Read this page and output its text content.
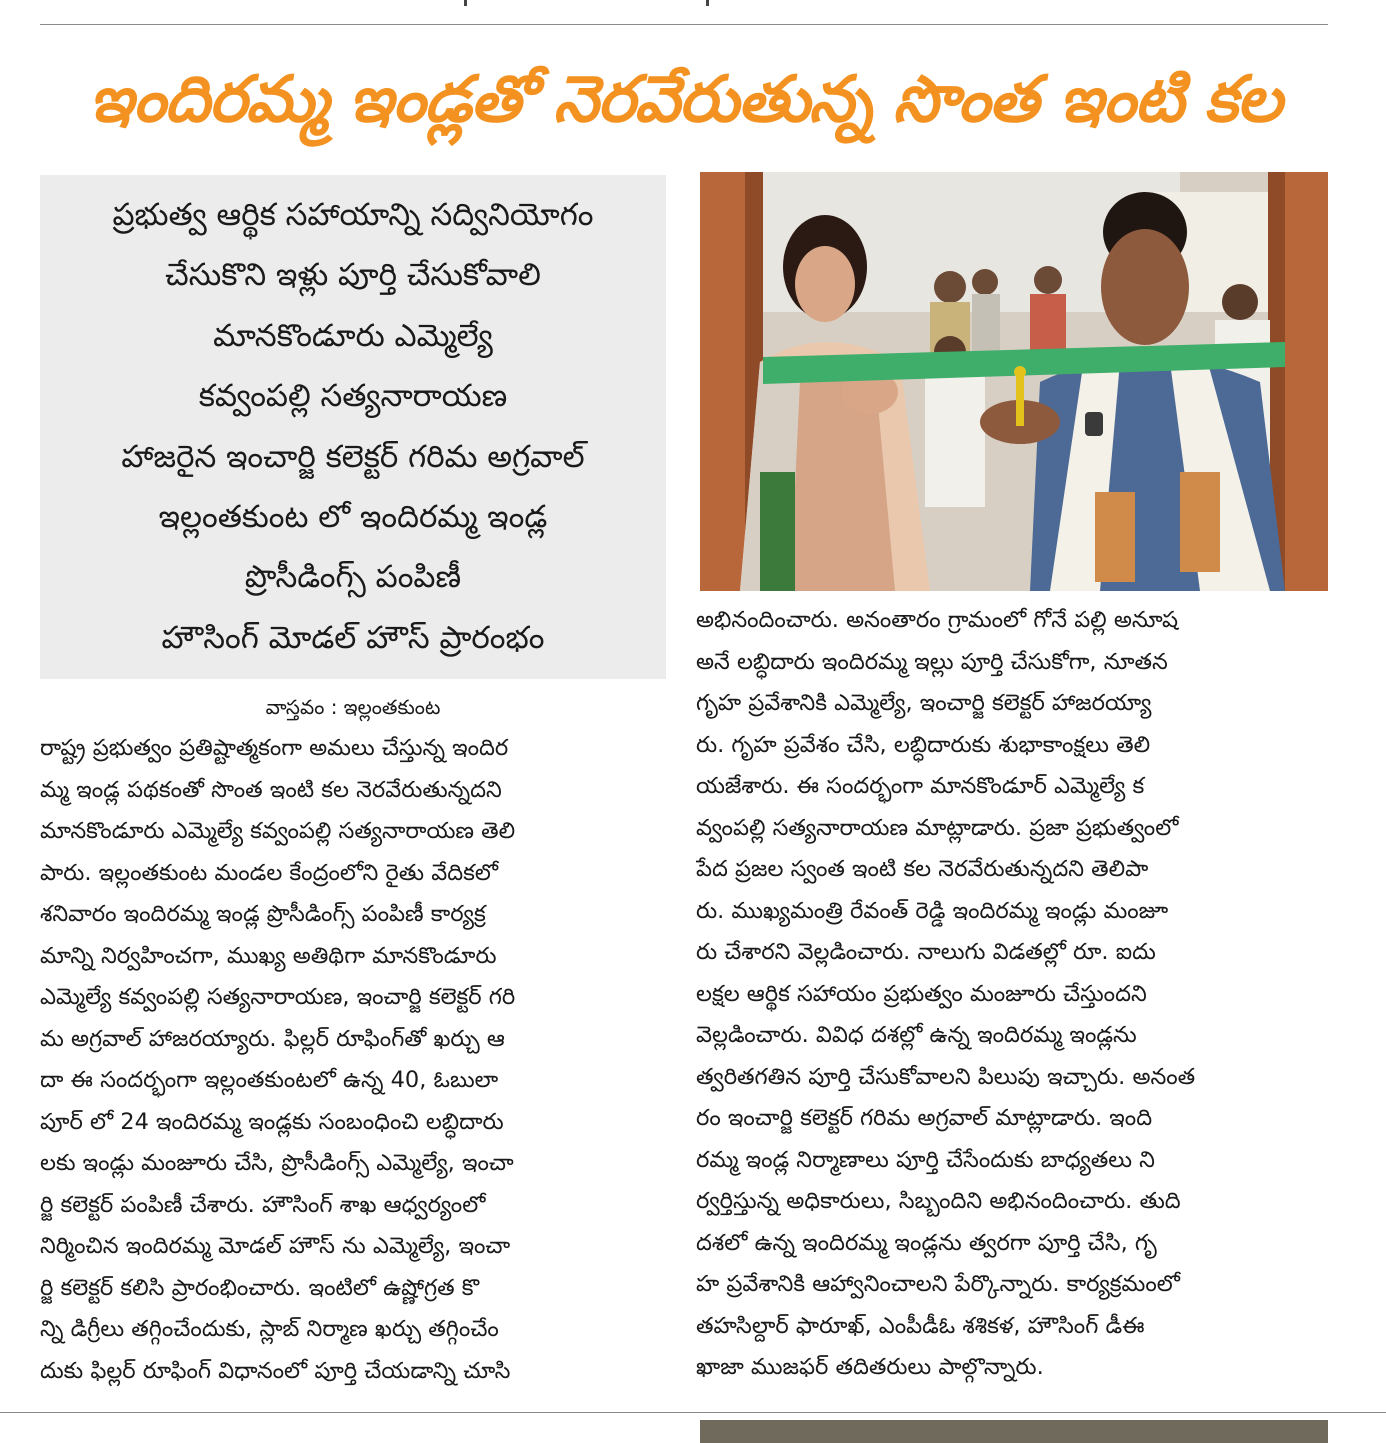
ఇందిరమ్మ ఇండ్లతో నెరవేరుతున్న సొంత ఇంటి కల
ప్రభుత్వ ఆర్థిక సహాయాన్ని సద్వినియోగం
చేసుకొని ఇళ్లు పూర్తి చేసుకోవాలి
మానకొండూరు ఎమ్మెల్యే
కవ్వంపల్లి సత్యనారాయణ
హాజరైన ఇంచార్జి కలెక్టర్ గరిమ అగ్రవాల్
ఇల్లంతకుంట లో ఇందిరమ్మ ఇండ్ల
ప్రొసీడింగ్స్ పంపిణీ
హౌసింగ్ మోడల్ హౌస్ ప్రారంభం
వాస్తవం : ఇల్లంతకుంట
రాష్ట్ర ప్రభుత్వం ప్రతిష్టాత్మకంగా అమలు చేస్తున్న ఇందిర
మ్మ ఇండ్ల పథకంతో సొంత ఇంటి కల నెరవేరుతున్నదని
మానకొండూరు ఎమ్మెల్యే కవ్వంపల్లి సత్యనారాయణ తెలి
పారు. ఇల్లంతకుంట మండల కేంద్రంలోని రైతు వేదికలో
శనివారం ఇందిరమ్మ ఇండ్ల ప్రొసీడింగ్స్ పంపిణీ కార్యక్ర
మాన్ని నిర్వహించగా, ముఖ్య అతిథిగా మానకొండూరు
ఎమ్మెల్యే కవ్వంపల్లి సత్యనారాయణ, ఇంచార్జి కలెక్టర్ గరి
మ అగ్రవాల్ హాజరయ్యారు. ఫిల్లర్ రూఫింగ్‌తో ఖర్చు ఆ
దా ఈ సందర్భంగా ఇల్లంతకుంటలో ఉన్న 40, ఓబులా
పూర్ లో 24 ఇందిరమ్మ ఇండ్లకు సంబంధించి లబ్ధిదారు
లకు ఇండ్లు మంజూరు చేసి, ప్రొసీడింగ్స్ ఎమ్మెల్యే, ఇంచా
ర్జి కలెక్టర్ పంపిణీ చేశారు. హౌసింగ్ శాఖ ఆధ్వర్యంలో
నిర్మించిన ఇందిరమ్మ మోడల్ హౌస్ ను ఎమ్మెల్యే, ఇంచా
ర్జి కలెక్టర్ కలిసి ప్రారంభించారు. ఇంటిలో ఉష్ణోగ్రత కొ
న్ని డిగ్రీలు తగ్గించేందుకు, స్లాబ్ నిర్మాణ ఖర్చు తగ్గించేం
దుకు ఫిల్లర్ రూఫింగ్ విధానంలో పూర్తి చేయడాన్ని చూసి
అభినందించారు. అనంతారం గ్రామంలో గోనే పల్లి అనూష
అనే లబ్ధిదారు ఇందిరమ్మ ఇల్లు పూర్తి చేసుకోగా, నూతన
గృహ ప్రవేశానికి ఎమ్మెల్యే, ఇంచార్జి కలెక్టర్ హాజరయ్యా
రు. గృహ ప్రవేశం చేసి, లబ్ధిదారుకు శుభాకాంక్షలు తెలి
యజేశారు. ఈ సందర్భంగా మానకొండూర్ ఎమ్మెల్యే క
వ్వంపల్లి సత్యనారాయణ మాట్లాడారు. ప్రజా ప్రభుత్వంలో
పేద ప్రజల స్వంత ఇంటి కల నెరవేరుతున్నదని తెలిపా
రు. ముఖ్యమంత్రి రేవంత్ రెడ్డి ఇందిరమ్మ ఇండ్లు మంజూ
రు చేశారని వెల్లడించారు. నాలుగు విడతల్లో రూ. ఐదు
లక్షల ఆర్థిక సహాయం ప్రభుత్వం మంజూరు చేస్తుందని
వెల్లడించారు. వివిధ దశల్లో ఉన్న ఇందిరమ్మ ఇండ్లను
త్వరితగతిన పూర్తి చేసుకోవాలని పిలుపు ఇచ్చారు. అనంత
రం ఇంచార్జి కలెక్టర్ గరిమ అగ్రవాల్ మాట్లాడారు. ఇంది
రమ్మ ఇండ్ల నిర్మాణాలు పూర్తి చేసేందుకు బాధ్యతలు ని
ర్వర్తిస్తున్న అధికారులు, సిబ్బందిని అభినందించారు. తుది
దశలో ఉన్న ఇందిరమ్మ ఇండ్లను త్వరగా పూర్తి చేసి, గృ
హ ప్రవేశానికి ఆహ్వానించాలని పేర్కొన్నారు. కార్యక్రమంలో
తహసిల్దార్ ఫారూఖ్, ఎంపీడీఓ శశికళ, హౌసింగ్ డీఈ
ఖాజా ముజఫర్ తదితరులు పాల్గొన్నారు.
